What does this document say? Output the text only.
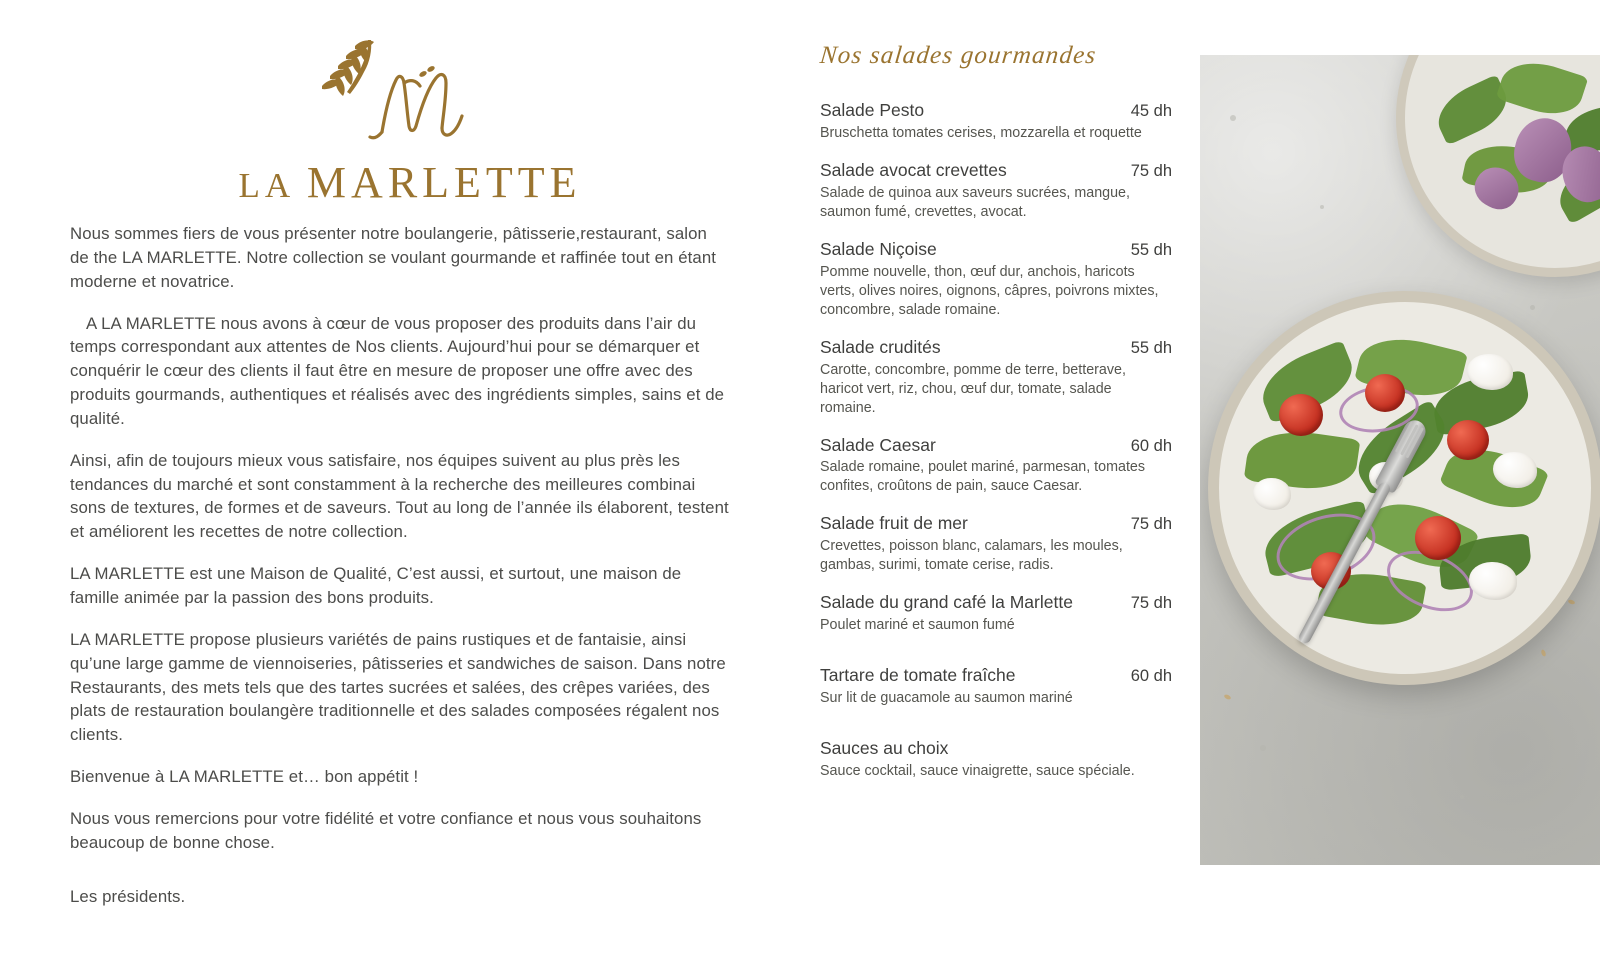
LA MARLETTE

Nous sommes fiers de vous présenter notre boulangerie, pâtisserie,restaurant, salon de the LA MARLETTE. Notre collection se voulant gourmande et raffinée tout en étant moderne et novatrice.

A LA MARLETTE nous avons à cœur de vous proposer des produits dans l’air du temps correspondant aux attentes de Nos clients. Aujourd’hui pour se démarquer et conquérir le cœur des clients il faut être en mesure de proposer une offre avec des produits gourmands, authentiques et réalisés avec des ingrédients simples, sains et de qualité.

Ainsi, afin de toujours mieux vous satisfaire, nos équipes suivent au plus près les tendances du marché et sont constamment à la recherche des meilleures combinai sons de textures, de formes et de saveurs. Tout au long de l’année ils élaborent, testent et améliorent les recettes de notre collection.

LA MARLETTE est une Maison de Qualité, C’est aussi, et surtout, une maison de famille animée par la passion des bons produits.

LA MARLETTE propose plusieurs variétés de pains rustiques et de fantaisie, ainsi qu’une large gamme de viennoiseries, pâtisseries et sandwiches de saison. Dans notre Restaurants, des mets tels que des tartes sucrées et salées, des crêpes variées, des plats de restauration boulangère traditionnelle et des salades composées régalent nos clients.

Bienvenue à LA MARLETTE et… bon appétit !

Nous vous remercions pour votre fidélité et votre confiance et nous vous souhaitons beaucoup de bonne chose.

Les présidents.

Nos salades gourmandes
Salade Pesto	45 dh
Bruschetta tomates cerises, mozzarella et roquette
Salade avocat crevettes	75 dh
Salade de quinoa aux saveurs sucrées, mangue, saumon fumé, crevettes, avocat.
Salade Niçoise	55 dh
Pomme nouvelle, thon, œuf dur, anchois, haricots verts, olives noires, oignons, câpres, poivrons mixtes, concombre, salade romaine.
Salade crudités	55 dh
Carotte, concombre, pomme de terre, betterave, haricot vert, riz, chou, œuf dur, tomate, salade romaine.
Salade Caesar	60 dh
Salade romaine, poulet mariné, parmesan, tomates confites, croûtons de pain, sauce Caesar.
Salade fruit de mer	75 dh
Crevettes, poisson blanc, calamars, les moules, gambas, surimi, tomate cerise, radis.
Salade du grand café la Marlette	75 dh
Poulet mariné et saumon fumé
Tartare de tomate fraîche	60 dh
Sur lit de guacamole au saumon mariné
Sauces au choix
Sauce cocktail, sauce vinaigrette, sauce spéciale.
